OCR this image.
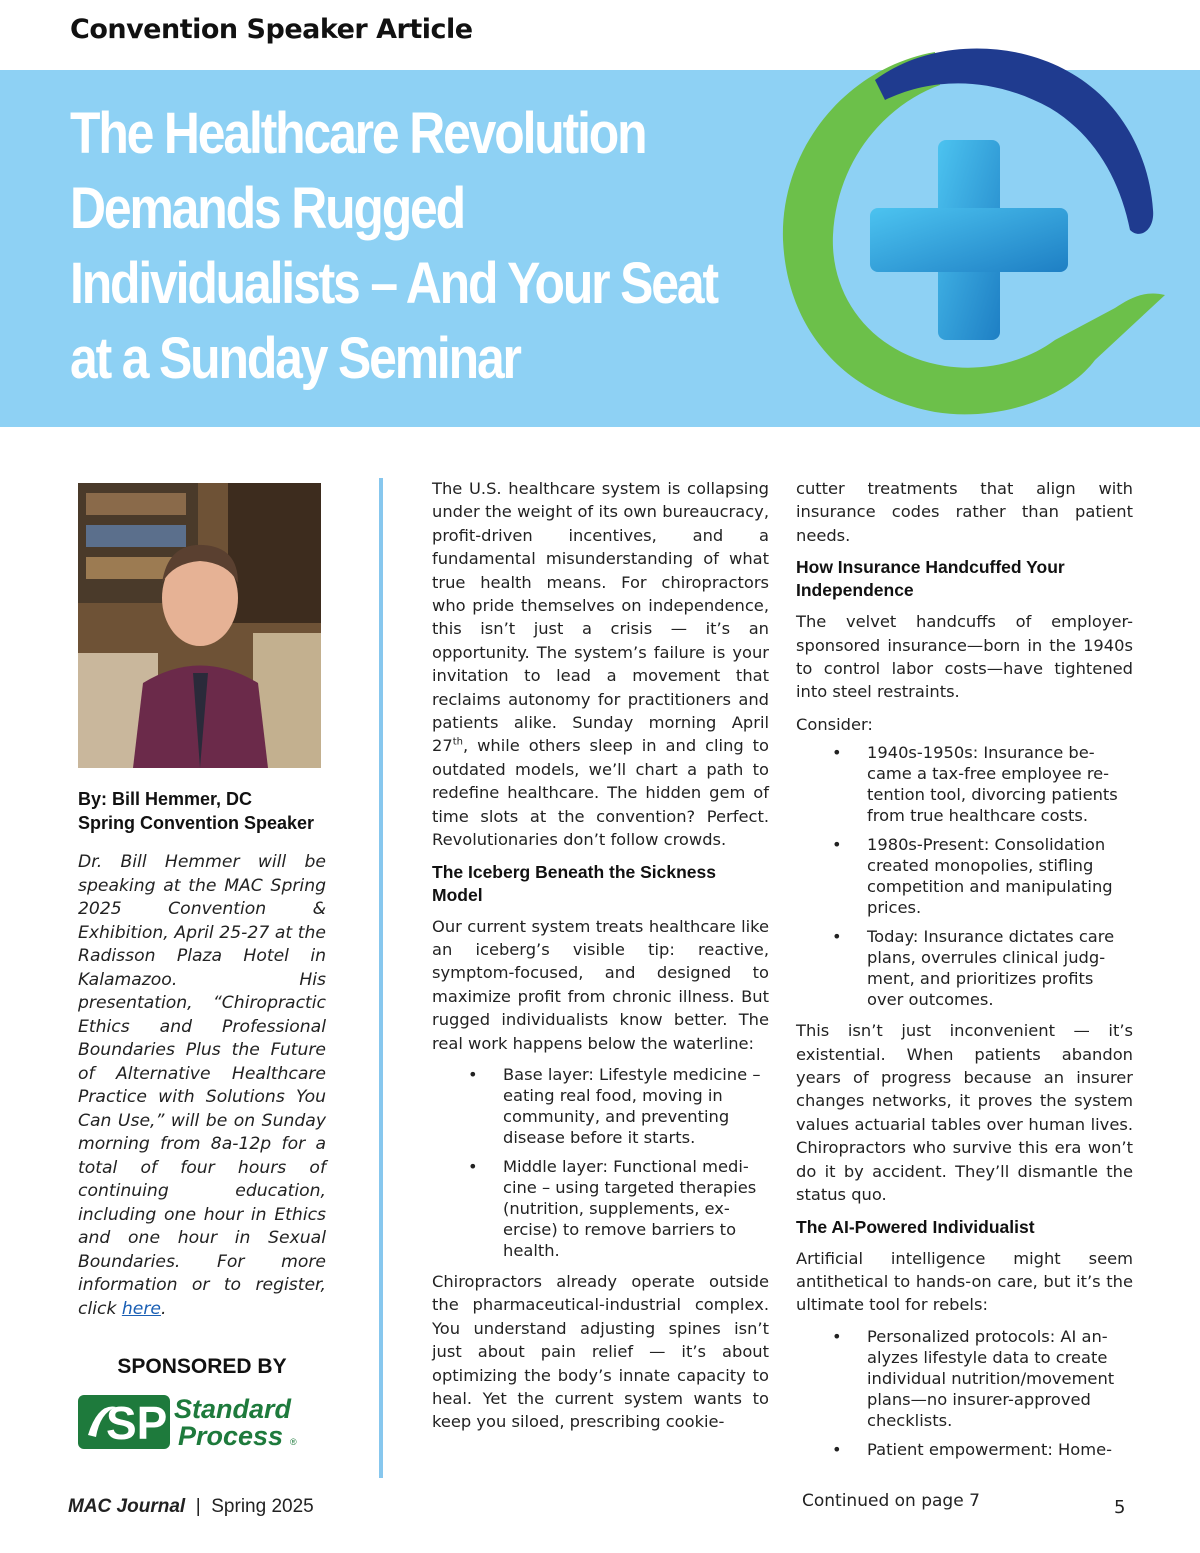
Convention Speaker Article
The Healthcare Revolution Demands Rugged Individualists – And Your Seat at a Sunday Seminar
By: Bill Hemmer, DC
Spring Convention Speaker
Dr. Bill Hemmer will be speaking at the MAC Spring 2025 Convention & Exhibition, April 25-27 at the Radisson Plaza Hotel in Kalamazoo. His presentation, “Chiropractic Ethics and Professional Boundaries Plus the Future of Alternative Healthcare Practice with Solutions You Can Use,” will be on Sunday morning from 8a-12p for a total of four hours of continuing education, including one hour in Ethics and one hour in Sexual Boundaries. For more information or to register, click here.
SPONSORED BY
SP Standard
Process ®

The U.S. healthcare system is collapsing under the weight of its own bureaucracy, profit-driven incentives, and a fundamental misunderstanding of what true health means. For chiropractors who pride themselves on independence, this isn’t just a crisis — it’s an opportunity. The system’s failure is your invitation to lead a movement that reclaims autonomy for practitioners and patients alike. Sunday morning April 27th, while others sleep in and cling to outdated models, we’ll chart a path to redefine healthcare. The hidden gem of time slots at the convention? Perfect. Revolutionaries don’t follow crowds.

The Iceberg Beneath the Sickness Model

Our current system treats healthcare like an iceberg’s visible tip: reactive, symptom-focused, and designed to maximize profit from chronic illness. But rugged individualists know better. The real work happens below the waterline:

• Base layer: Lifestyle medicine – eating real food, moving in community, and preventing disease before it starts.
• Middle layer: Functional medi-cine – using targeted therapies (nutrition, supplements, ex-ercise) to remove barriers to health.

Chiropractors already operate outside the pharmaceutical-industrial complex. You understand adjusting spines isn’t just about pain relief — it’s about optimizing the body’s innate capacity to heal. Yet the current system wants to keep you siloed, prescribing cookie-

cutter treatments that align with insurance codes rather than patient needs.

How Insurance Handcuffed Your Independence

The velvet handcuffs of employer-sponsored insurance—born in the 1940s to control labor costs—have tightened into steel restraints.

Consider:

• 1940s-1950s: Insurance be-came a tax-free employee re-tention tool, divorcing patients from true healthcare costs.
• 1980s-Present: Consolidation created monopolies, stifling competition and manipulating prices.
• Today: Insurance dictates care plans, overrules clinical judg-ment, and prioritizes profits over outcomes.

This isn’t just inconvenient — it’s existential. When patients abandon years of progress because an insurer changes networks, it proves the system values actuarial tables over human lives. Chiropractors who survive this era won’t do it by accident. They’ll dismantle the status quo.

The AI-Powered Individualist

Artificial intelligence might seem antithetical to hands-on care, but it’s the ultimate tool for rebels:

• Personalized protocols: AI an-alyzes lifestyle data to create individual nutrition/movement plans—no insurer-approved checklists.
• Patient empowerment: Home-
MAC Journal | Spring 2025	Continued on page 7	5
